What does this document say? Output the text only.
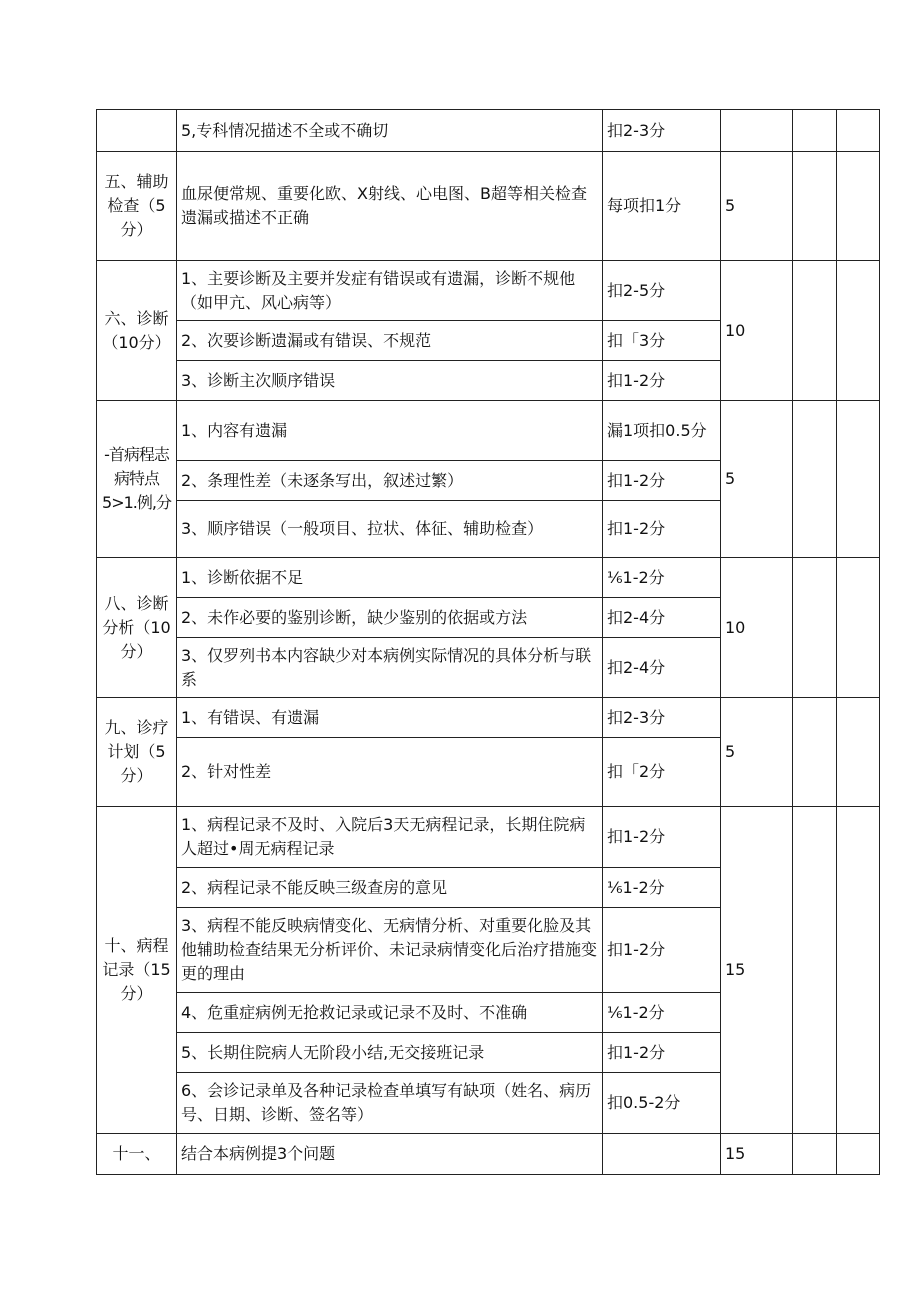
	5,专科情况描述不全或不确切	扣2-3分			
五、辅助检查（5分）	血尿便常规、重要化欧、X射线、心电图、B超等相关检查遗漏或描述不正确	每项扣1分	5		
六、诊断（10分）	1、主要诊断及主要并发症有错误或有遗漏，诊断不规他（如甲亢、风心病等）	扣2-5分	10		
	2、次要诊断遗漏或有错误、不规范	扣「3分			
	3、诊断主次顺序错误	扣1-2分			
-首病程志病特点5>1.例,分	1、内容有遗漏	漏1项扣0.5分	5		
	2、条理性差（未逐条写出，叙述过繁）	扣1-2分			
	3、顺序错误（一般项目、拉状、体征、辅助检查）	扣1-2分			
八、诊断分析（10分）	1、诊断依据不足	⅙1-2分	10		
	2、未作必要的鉴别诊断，缺少鉴别的依据或方法	扣2-4分			
	3、仅罗列书本内容缺少对本病例实际情况的具体分析与联系	扣2-4分			
九、诊疗计划（5分）	1、有错误、有遗漏	扣2-3分	5		
	2、针对性差	扣「2分			
十、病程记录（15分）	1、病程记录不及时、入院后3天无病程记录，长期住院病人超过•周无病程记录	扣1-2分	15		
	2、病程记录不能反映三级查房的意见	⅙1-2分			
	3、病程不能反映病情变化、无病情分析、对重要化脸及其他辅助检查结果无分析评价、未记录病情变化后治疗措施变更的理由	扣1-2分			
	4、危重症病例无抢救记录或记录不及时、不准确	⅙1-2分			
	5、长期住院病人无阶段小结,无交接班记录	扣1-2分			
	6、会诊记录单及各种记录检查单填写有缺项（姓名、病历号、日期、诊断、签名等）	扣0.5-2分			
十一、	结合本病例提3个问题		15		
